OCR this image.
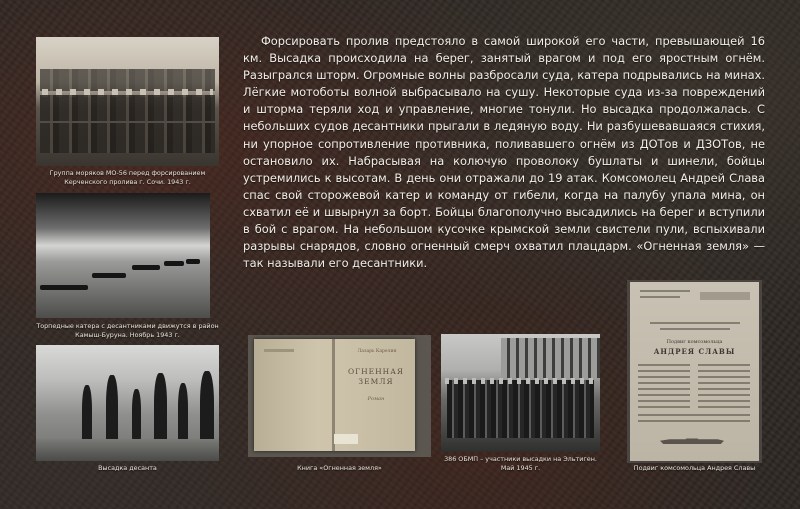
Форсировать пролив предстояло в самой широкой его части, превышающей 16 км. Высадка происходила на берег, занятый врагом и под его яростным огнём. Разыгрался шторм. Огромные волны разбросали суда, катера подрывались на минах. Лёгкие мотоботы волной выбрасывало на сушу. Некоторые суда из-за повреждений и шторма теряли ход и управление, многие тонули. Но высадка продолжалась. С небольших судов десантники прыгали в ледяную воду. Ни разбушевавшаяся стихия, ни упорное сопротивление противника, поливавшего огнём из ДОТов и ДЗОТов, не остановило их. Набрасывая на колючую проволоку бушлаты и шинели, бойцы устремились к высотам. В день они отражали до 19 атак. Комсомолец Андрей Слава спас свой сторожевой катер и команду от гибели, когда на палубу упала мина, он схватил её и швырнул за борт. Бойцы благополучно высадились на берег и вступили в бой с врагом. На небольшом кусочке крымской земли свистели пули, вспыхивали разрывы снарядов, словно огненный смерч охватил плацдарм. «Огненная земля» — так называли его десантники.

Группа моряков МО-56 перед форсированием Керченского пролива г. Сочи. 1943 г.
Торпедные катера с десантниками движутся в район Камыш-Буруна. Ноябрь 1943 г.
Высадка десанта
Лазарь Карелин
ОГНЕННАЯ
ЗЕМЛЯ
Роман
Книга «Огненная земля»
386 ОБМП – участники высадки на Эльтиген. Май 1945 г.
Подвиг комсомольца
АНДРЕЯ СЛАВЫ
Подвиг комсомольца Андрея Славы
